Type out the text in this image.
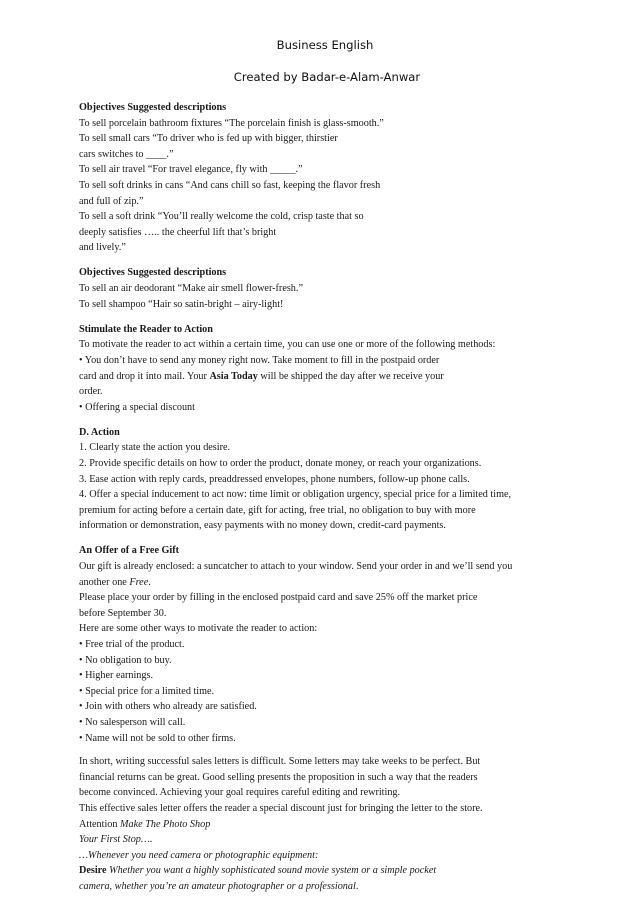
Business English
Created by Badar-e-Alam-Anwar
Objectives Suggested descriptions
To sell porcelain bathroom fixtures “The porcelain finish is glass-smooth.”
To sell small cars “To driver who is fed up with bigger, thirstier
cars switches to ____.”
To sell air travel “For travel elegance, fly with _____.”
To sell soft drinks in cans “And cans chill so fast, keeping the flavor fresh
and full of zip.”
To sell a soft drink “You’ll really welcome the cold, crisp taste that so
deeply satisfies ….. the cheerful lift that’s bright
and lively.”
Objectives Suggested descriptions
To sell an air deodorant “Make air smell flower-fresh.”
To sell shampoo “Hair so satin-bright – airy-light!
Stimulate the Reader to Action
To motivate the reader to act within a certain time, you can use one or more of the following methods:
• You don’t have to send any money right now. Take moment to fill in the postpaid order
card and drop it into mail. Your Asia Today will be shipped the day after we receive your
order.
• Offering a special discount
D. Action
1. Clearly state the action you desire.
2. Provide specific details on how to order the product, donate money, or reach your organizations.
3. Ease action with reply cards, preaddressed envelopes, phone numbers, follow-up phone calls.
4. Offer a special inducement to act now: time limit or obligation urgency, special price for a limited time,
premium for acting before a certain date, gift for acting, free trial, no obligation to buy with more
information or demonstration, easy payments with no money down, credit-card payments.
An Offer of a Free Gift
Our gift is already enclosed: a suncatcher to attach to your window. Send your order in and we’ll send you
another one Free.
Please place your order by filling in the enclosed postpaid card and save 25% off the market price
before September 30.
Here are some other ways to motivate the reader to action:
• Free trial of the product.
• No obligation to buy.
• Higher earnings.
• Special price for a limited time.
• Join with others who already are satisfied.
• No salesperson will call.
• Name will not be sold to other firms.
In short, writing successful sales letters is difficult. Some letters may take weeks to be perfect. But
financial returns can be great. Good selling presents the proposition in such a way that the readers
become convinced. Achieving your goal requires careful editing and rewriting.
This effective sales letter offers the reader a special discount just for bringing the letter to the store.
Attention Make The Photo Shop
Your First Stop….
…Whenever you need camera or photographic equipment:
Desire Whether you want a highly sophisticated sound movie system or a simple pocket
camera, whether you’re an amateur photographer or a professional.
